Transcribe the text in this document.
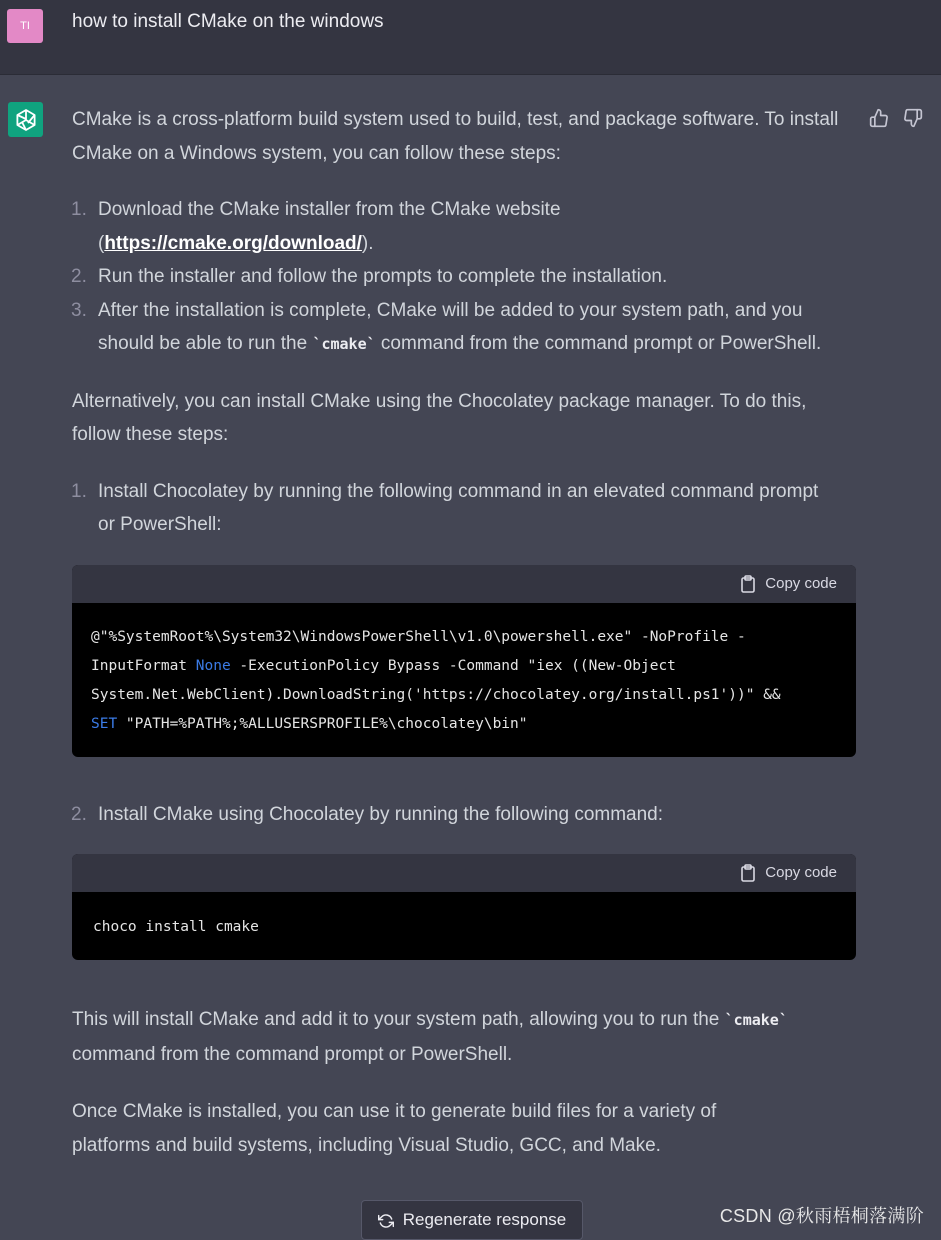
TI how to install CMake on the windows

CMake is a cross-platform build system used to build, test, and package software. To install CMake on a Windows system, you can follow these steps:

1. Download the CMake installer from the CMake website (https://cmake.org/download/).
2. Run the installer and follow the prompts to complete the installation.
3. After the installation is complete, CMake will be added to your system path, and you should be able to run the `cmake` command from the command prompt or PowerShell.

Alternatively, you can install CMake using the Chocolatey package manager. To do this, follow these steps:

1. Install Chocolatey by running the following command in an elevated command prompt or PowerShell:
Copy code
@"%SystemRoot%\System32\WindowsPowerShell\v1.0\powershell.exe" -NoProfile -
InputFormat None -ExecutionPolicy Bypass -Command "iex ((New-Object
System.Net.WebClient).DownloadString('https://chocolatey.org/install.ps1'))" &&
SET "PATH=%PATH%;%ALLUSERSPROFILE%\chocolatey\bin"
2. Install CMake using Chocolatey by running the following command:
Copy code
choco install cmake

This will install CMake and add it to your system path, allowing you to run the `cmake` command from the command prompt or PowerShell.

Once CMake is installed, you can use it to generate build files for a variety of platforms and build systems, including Visual Studio, GCC, and Make.

Regenerate response	CSDN @秋雨梧桐落满阶
